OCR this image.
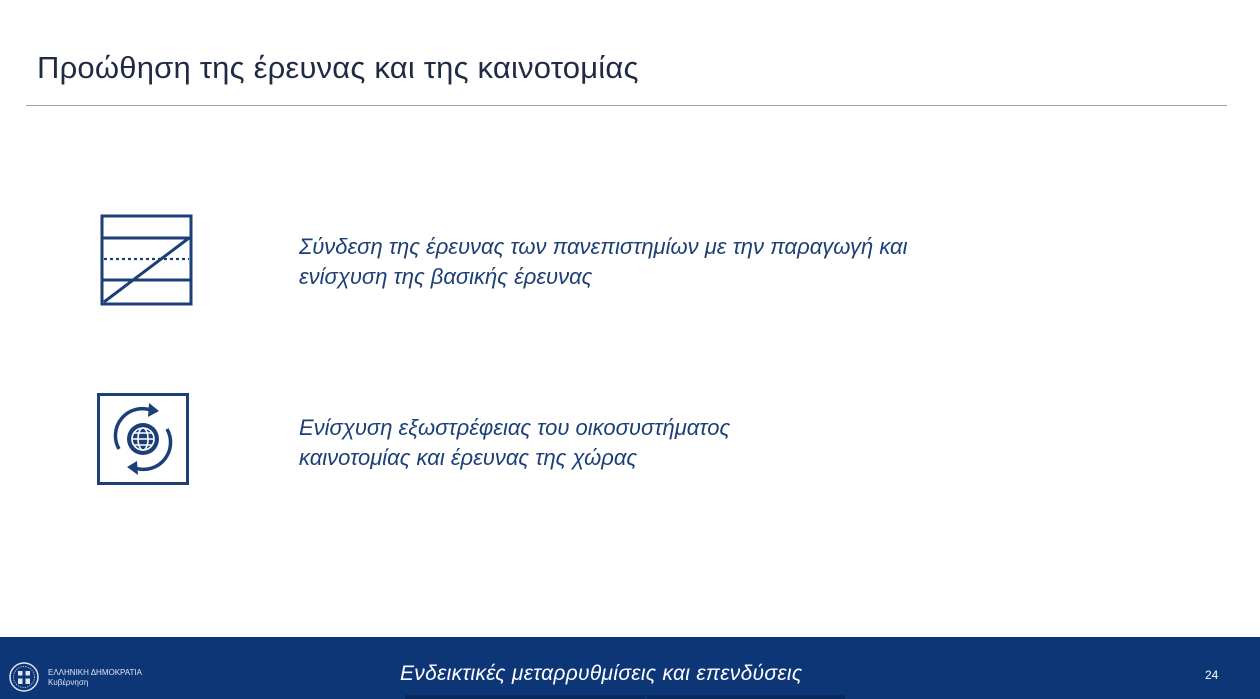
Προώθηση της έρευνας και της καινοτομίας
Σύνδεση της έρευνας των πανεπιστημίων με την παραγωγή και
ενίσχυση της βασικής έρευνας
Ενίσχυση εξωστρέφειας του οικοσυστήματος
καινοτομίας και έρευνας της χώρας
ΕΛΛΗΝΙΚΗ ΔΗΜΟΚΡΑΤΙΑ
Κυβέρνηση	Ενδεικτικές μεταρρυθμίσεις και επενδύσεις	24
